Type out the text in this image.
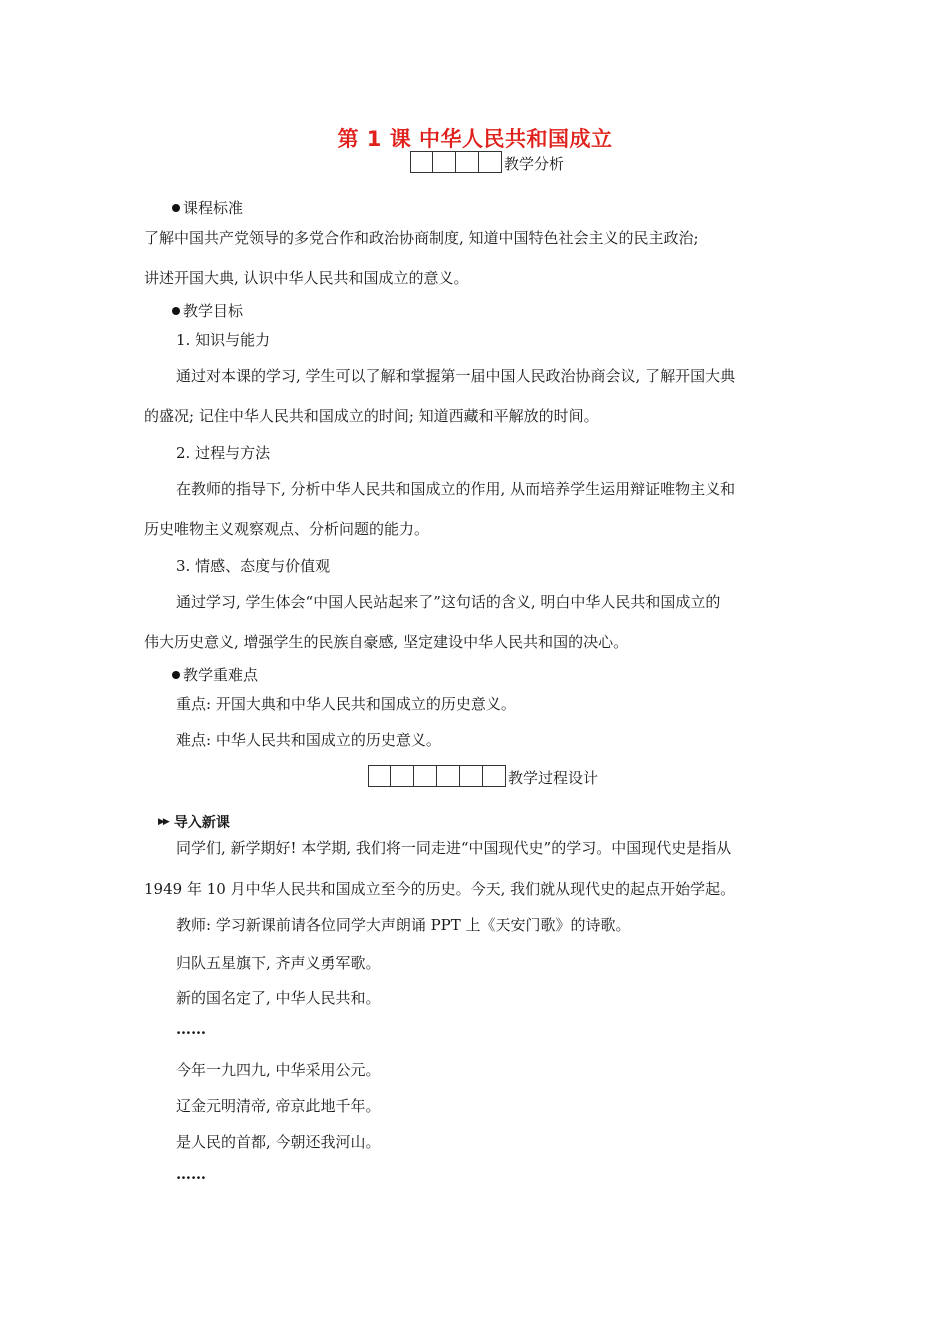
第 1 课 中华人民共和国成立
教学分析
课程标准
了解中国共产党领导的多党合作和政治协商制度, 知道中国特色社会主义的民主政治;
讲述开国大典, 认识中华人民共和国成立的意义。
教学目标
1. 知识与能力
通过对本课的学习, 学生可以了解和掌握第一届中国人民政治协商会议, 了解开国大典
的盛况; 记住中华人民共和国成立的时间; 知道西藏和平解放的时间。
2. 过程与方法
在教师的指导下, 分析中华人民共和国成立的作用, 从而培养学生运用辩证唯物主义和
历史唯物主义观察观点、分析问题的能力。
3. 情感、态度与价值观
通过学习, 学生体会“中国人民站起来了”这句话的含义, 明白中华人民共和国成立的
伟大历史意义, 增强学生的民族自豪感, 坚定建设中华人民共和国的决心。
教学重难点
重点: 开国大典和中华人民共和国成立的历史意义。
难点: 中华人民共和国成立的历史意义。
教学过程设计
▶▶ 导入新课
同学们, 新学期好! 本学期, 我们将一同走进“中国现代史”的学习。中国现代史是指从
1949 年 10 月中华人民共和国成立至今的历史。今天, 我们就从现代史的起点开始学起。
教师: 学习新课前请各位同学大声朗诵 PPT 上《天安门歌》的诗歌。
归队五星旗下, 齐声义勇军歌。
新的国名定了, 中华人民共和。
……
今年一九四九, 中华采用公元。
辽金元明清帝, 帝京此地千年。
是人民的首都, 今朝还我河山。
……
